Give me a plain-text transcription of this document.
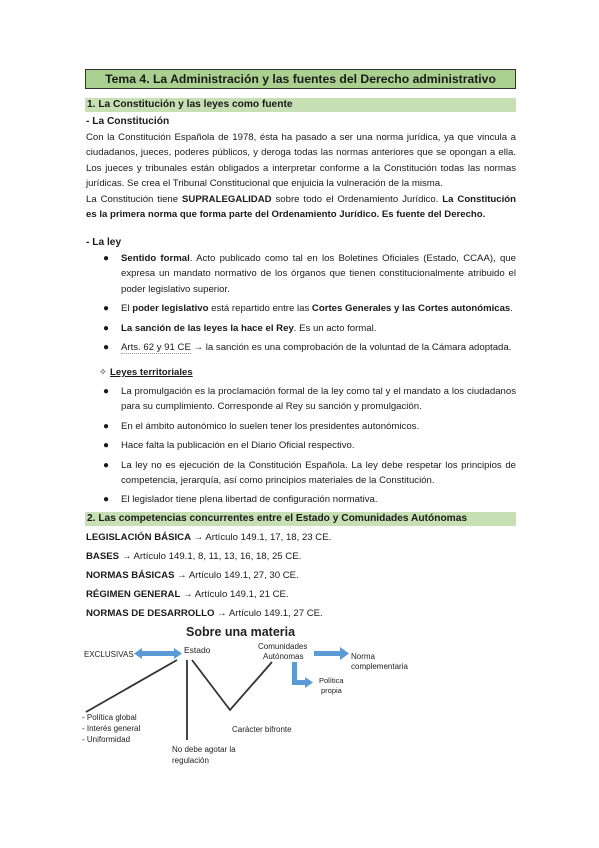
Tema 4. La Administración y las fuentes del Derecho administrativo
1. La Constitución y las leyes como fuente
- La Constitución

Con la Constitución Española de 1978, ésta ha pasado a ser una norma jurídica, ya que vincula a ciudadanos, jueces, poderes públicos, y deroga todas las normas anteriores que se opongan a ella. Los jueces y tribunales están obligados a interpretar conforme a la Constitución todas las normas jurídicas. Se crea el Tribunal Constitucional que enjuicia la vulneración de la misma.

La Constitución tiene SUPRALEGALIDAD sobre todo el Ordenamiento Jurídico. La Constitución es la primera norma que forma parte del Ordenamiento Jurídico. Es fuente del Derecho.

- La ley
● Sentido formal. Acto publicado como tal en los Boletines Oficiales (Estado, CCAA), que expresa un mandato normativo de los órganos que tienen constitucionalmente atribuido el poder legislativo superior.
● El poder legislativo está repartido entre las Cortes Generales y las Cortes autonómicas.
● La sanción de las leyes la hace el Rey. Es un acto formal.
● Arts. 62 y 91 CE → la sanción es una comprobación de la voluntad de la Cámara adoptada.
✧ Leyes territoriales
● La promulgación es la proclamación formal de la ley como tal y el mandato a los ciudadanos para su cumplimiento. Corresponde al Rey su sanción y promulgación.
● En el ámbito autonómico lo suelen tener los presidentes autonómicos.
● Hace falta la publicación en el Diario Oficial respectivo.
● La ley no es ejecución de la Constitución Española. La ley debe respetar los principios de competencia, jerarquía, así como principios materiales de la Constitución.
● El legislador tiene plena libertad de configuración normativa.
2. Las competencias concurrentes entre el Estado y Comunidades Autónomas
LEGISLACIÓN BÁSICA → Artículo 149.1, 17, 18, 23 CE.
BASES → Artículo 149.1, 8, 11, 13, 16, 18, 25 CE.
NORMAS BÁSICAS → Artículo 149.1, 27, 30 CE.
RÉGIMEN GENERAL → Artículo 149.1, 21 CE.
NORMAS DE DESARROLLO → Artículo 149.1, 27 CE.
Sobre una materia
EXCLUSIVAS	Estado	Comunidades
Autónomas	Norma
complementaria
Política
propia
Carácter bifronte
- Política global
- Interés general
- Uniformidad
No debe agotar la
regulación
